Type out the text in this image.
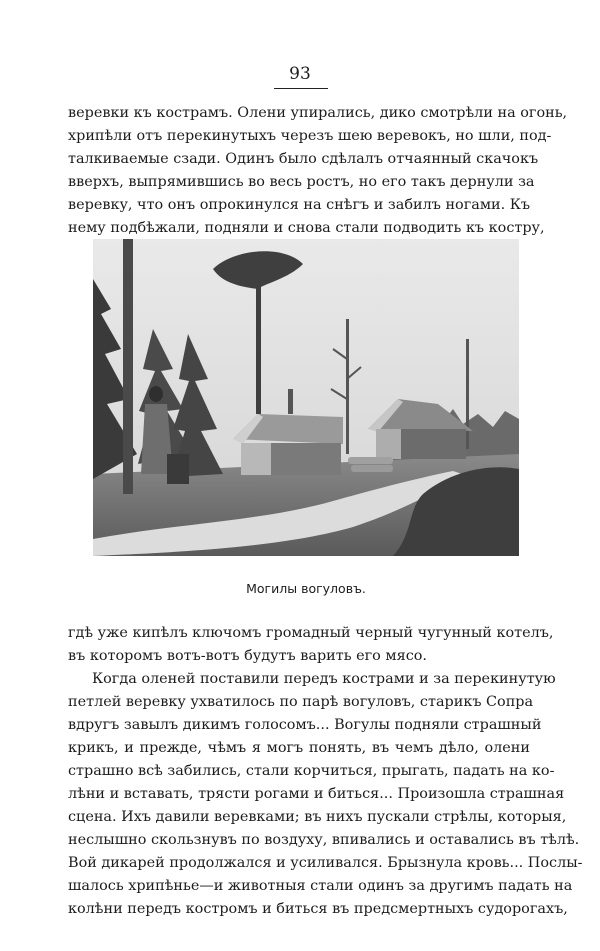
93
веревки къ кострамъ. Олени упирались, дико смотрѣли на огонь,
хрипѣли отъ перекинутыхъ черезъ шею веревокъ, но шли, под-
талкиваемые сзади. Одинъ было сдѣлалъ отчаянный скачокъ
вверхъ, выпрямившись во весь ростъ, но его такъ дернули за
веревку, что онъ опрокинулся на снѣгъ и забилъ ногами. Къ
нему подбѣжали, подняли и снова стали подводить къ костру,
Могилы вогуловъ.
гдѣ уже кипѣлъ ключомъ громадный черный чугунный котелъ,
въ которомъ вотъ-вотъ будутъ варить его мясо.
Когда оленей поставили передъ кострами и за перекинутую
петлей веревку ухватилось по парѣ вогуловъ, старикъ Сопра
вдругъ завылъ дикимъ голосомъ... Вогулы подняли страшный
крикъ, и прежде, чѣмъ я могъ понять, въ чемъ дѣло, олени
страшно всѣ забились, стали корчиться, прыгать, падать на ко-
лѣни и вставать, трясти рогами и биться... Произошла страшная
сцена. Ихъ давили веревками; въ нихъ пускали стрѣлы, которыя,
неслышно скользнувъ по воздуху, впивались и оставались въ тѣлѣ.
Вой дикарей продолжался и усиливался. Брызнула кровь... Послы-
шалось хрипѣнье—и животныя стали одинъ за другимъ падать на
колѣни передъ костромъ и биться въ предсмертныхъ судорогахъ,
